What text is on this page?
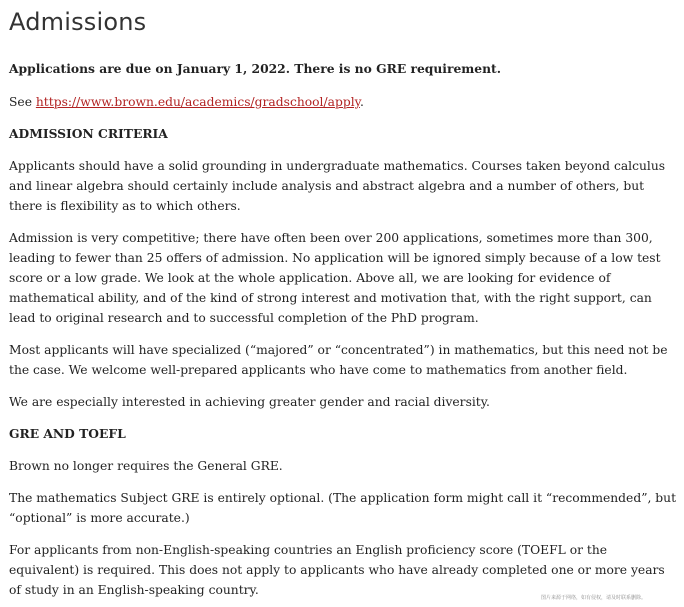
Admissions

Applications are due on January 1, 2022. There is no GRE requirement.

See https://www.brown.edu/academics/gradschool/apply.

ADMISSION CRITERIA

Applicants should have a solid grounding in undergraduate mathematics. Courses taken beyond calculus and linear algebra should certainly include analysis and abstract algebra and a number of others, but there is flexibility as to which others.

Admission is very competitive; there have often been over 200 applications, sometimes more than 300, leading to fewer than 25 offers of admission. No application will be ignored simply because of a low test score or a low grade. We look at the whole application. Above all, we are looking for evidence of mathematical ability, and of the kind of strong interest and motivation that, with the right support, can lead to original research and to successful completion of the PhD program.

Most applicants will have specialized (“majored” or “concentrated”) in mathematics, but this need not be the case. We welcome well-prepared applicants who have come to mathematics from another field.

We are especially interested in achieving greater gender and racial diversity.

GRE AND TOEFL

Brown no longer requires the General GRE.

The mathematics Subject GRE is entirely optional. (The application form might call it “recommended”, but “optional” is more accurate.)

For applicants from non-English-speaking countries an English proficiency score (TOEFL or the equivalent) is required. This does not apply to applicants who have already completed one or more years of study in an English-speaking country.

图片来源于网络，如有侵权，请及时联系删除。
